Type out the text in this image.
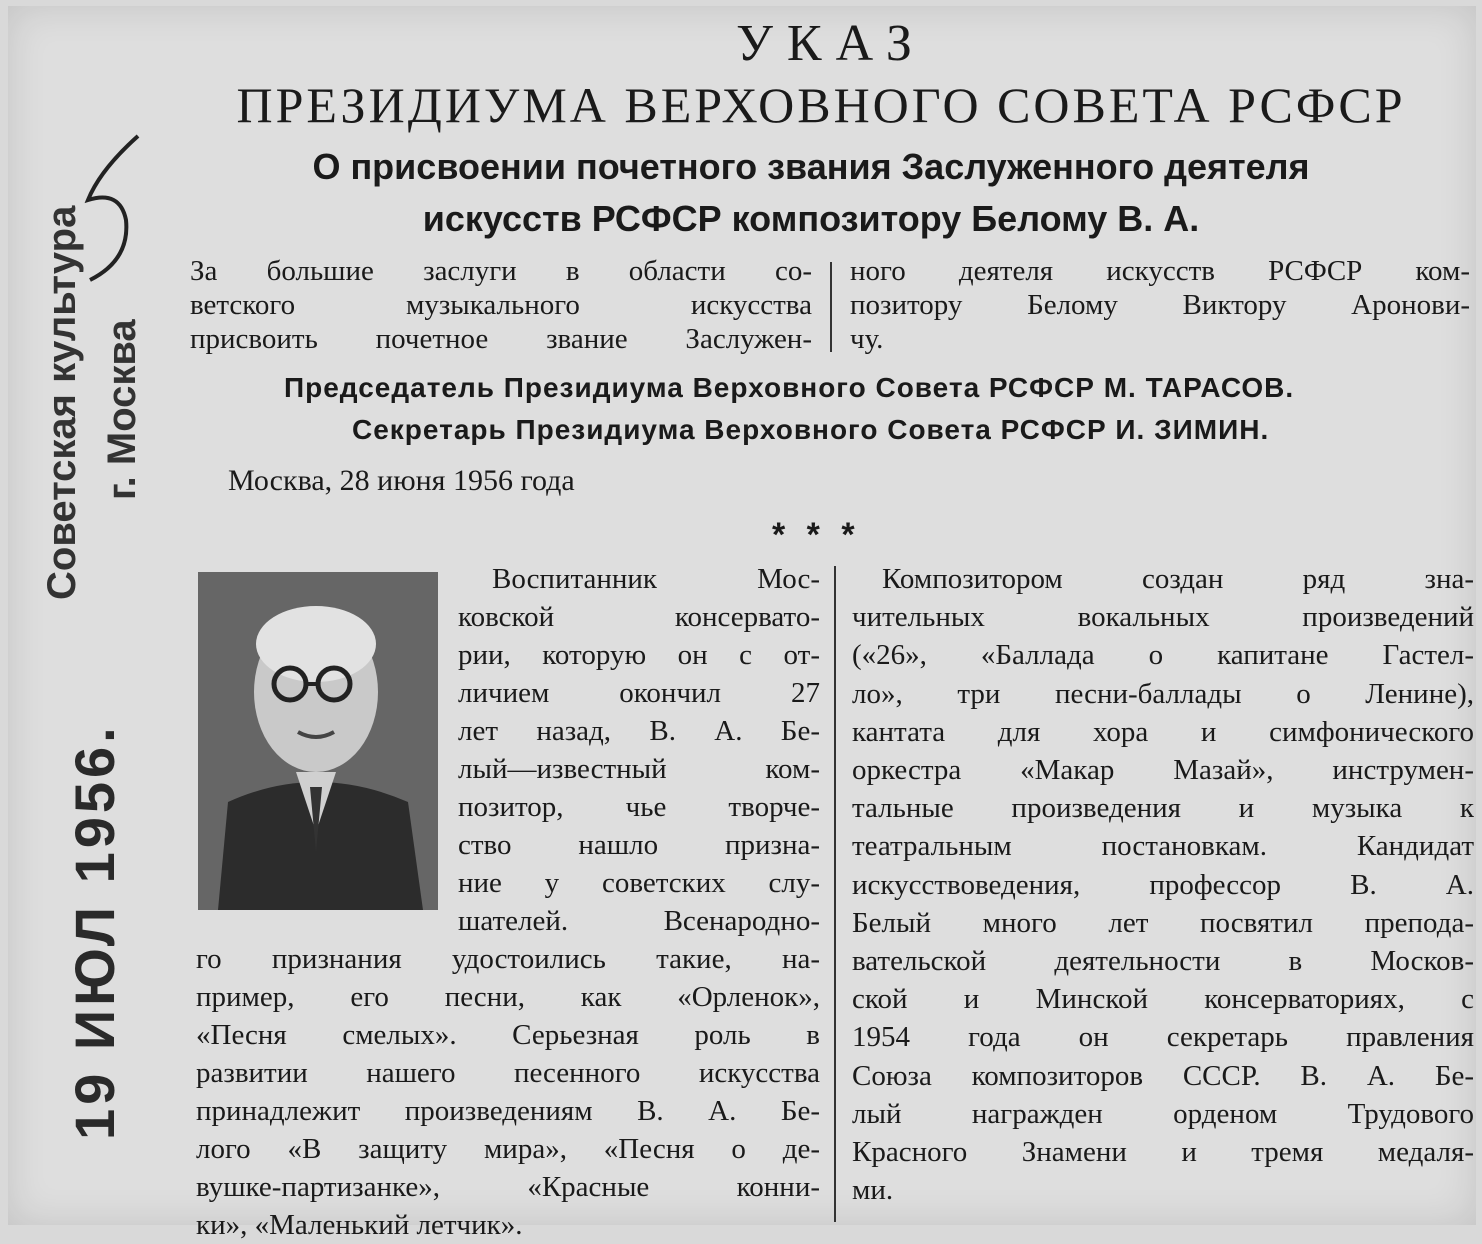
УКАЗ
ПРЕЗИДИУМА ВЕРХОВНОГО СОВЕТА РСФСР
О присвоении почетного звания Заслуженного деятеля
искусств РСФСР композитору Белому В. А.
За большие заслуги в области со-
ветского музыкального искусства
присвоить почетное звание Заслужен-
ного деятеля искусств РСФСР ком-
позитору Белому Виктору Аронови-
чу.
Председатель Президиума Верховного Совета РСФСР М. ТАРАСОВ.
Секретарь Президиума Верховного Совета РСФСР И. ЗИМИН.
Москва, 28 июня 1956 года
* * *
Воспитанник Мос-
ковской консервато-
рии, которую он с от-
личием окончил 27
лет назад, В. А. Бе-
лый—известный ком-
позитор, чье творче-
ство нашло призна-
ние у советских слу-
шателей. Всенародно-
го признания удостоились такие, на-
пример, его песни, как «Орленок»,
«Песня смелых». Серьезная роль в
развитии нашего песенного искусства
принадлежит произведениям В. А. Бе-
лого «В защиту мира», «Песня о де-
вушке-партизанке», «Красные конни-
ки», «Маленький летчик».
Композитором создан ряд зна-
чительных вокальных произведений
(«26», «Баллада о капитане Гастел-
ло», три песни-баллады о Ленине),
кантата для хора и симфонического
оркестра «Макар Мазай», инструмен-
тальные произведения и музыка к
театральным постановкам. Кандидат
искусствоведения, профессор В. А.
Белый много лет посвятил препода-
вательской деятельности в Москов-
ской и Минской консерваториях, с
1954 года он секретарь правления
Союза композиторов СССР. В. А. Бе-
лый награжден орденом Трудового
Красного Знамени и тремя медаля-
ми.
Советская культура г. Москва
19 ИЮЛ 1956.
